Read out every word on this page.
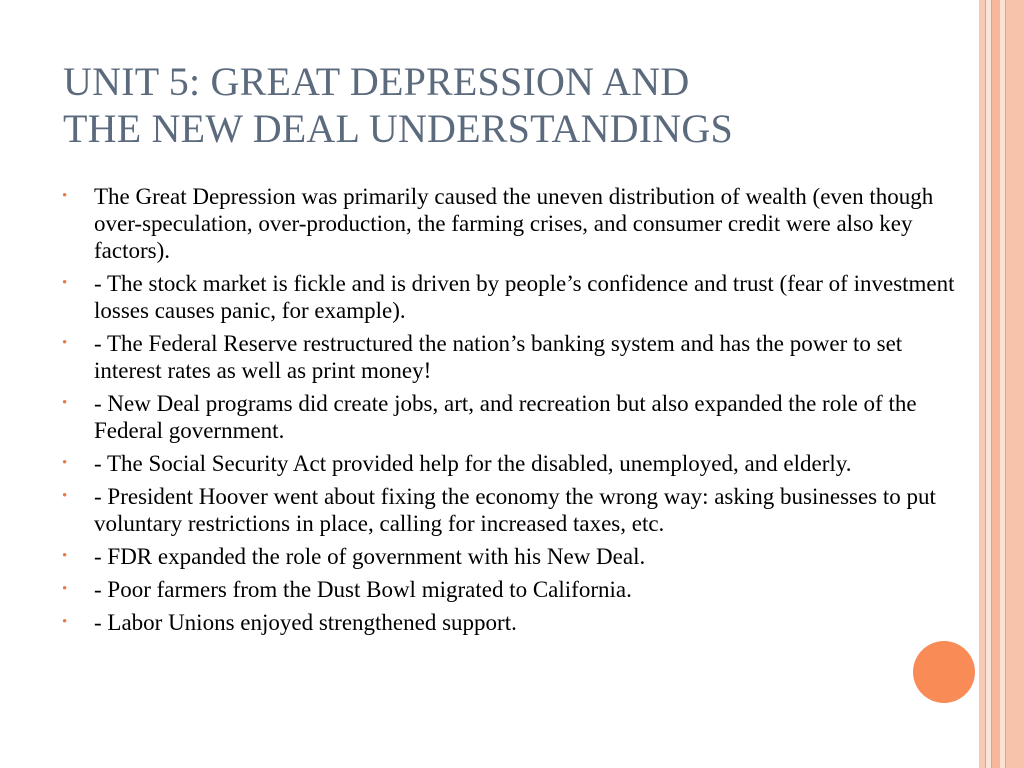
UNIT 5: GREAT DEPRESSION AND
THE NEW DEAL UNDERSTANDINGS
•	The Great Depression was primarily caused the uneven distribution of wealth (even though over-speculation, over-production, the farming crises, and consumer credit were also key factors).
•	- The stock market is fickle and is driven by people’s confidence and trust (fear of investment losses causes panic, for example).
•	- The Federal Reserve restructured the nation’s banking system and has the power to set interest rates as well as print money!
•	- New Deal programs did create jobs, art, and recreation but also expanded the role of the Federal government.
•	- The Social Security Act provided help for the disabled, unemployed, and elderly.
•	- President Hoover went about fixing the economy the wrong way: asking businesses to put voluntary restrictions in place, calling for increased taxes, etc.
•	- FDR expanded the role of government with his New Deal.
•	- Poor farmers from the Dust Bowl migrated to California.
•	- Labor Unions enjoyed strengthened support.
